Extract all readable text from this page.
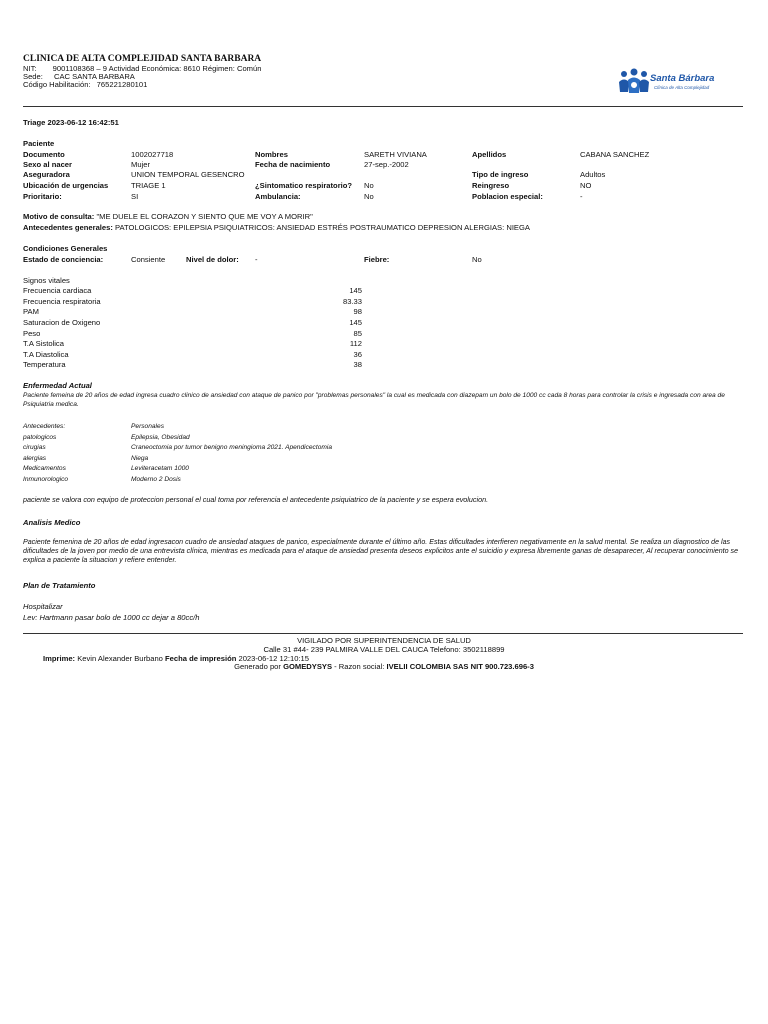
CLINICA DE ALTA COMPLEJIDAD SANTA BARBARA
NIT: 9001108368 – 9 Actividad Económica: 8610 Régimen: Común
Sede: CAC SANTA BARBARA
Código Habilitación: 765221280101
Santa Bárbara
Clínica de Alta Complejidad
Triage 2023-06-12 16:42:51
Paciente
Documento	1002027718	Nombres	SARETH VIVIANA	Apellidos	CABANA SANCHEZ
Sexo al nacer	Mujer	Fecha de nacimiento	27-sep.-2002
Aseguradora	UNION TEMPORAL GESENCRO	Tipo de ingreso	Adultos
Ubicación de urgencias	TRIAGE 1	¿Sintomatico respiratorio? No	Reingreso	NO
Prioritario:	SI	Ambulancia:	No	Poblacion especial:	-
Motivo de consulta: "ME DUELE EL CORAZON Y SIENTO QUE ME VOY A MORIR"
Antecedentes generales: PATOLOGICOS: EPILEPSIA PSIQUIATRICOS: ANSIEDAD ESTRÉS POSTRAUMATICO DEPRESION ALERGIAS: NIEGA
Condiciones Generales
Estado de conciencia:	Consiente	Nivel de dolor: -	Fiebre:	No
Signos vitales
Frecuencia cardiaca	145
Frecuencia respiratoria	83.33
PAM	98
Saturacion de Oxigeno	145
Peso	85
T.A Sistolica	112
T.A Diastolica	36
Temperatura	38
Enfermedad Actual
Paciente femeina de 20 años de edad ingresa cuadro clinico de ansiedad con ataque de panico por "problemas personales" la cual es medicada con diazepam un bolo de 1000 cc cada 8 horas para controlar la crisis e ingresada con area de Psiquiatria medica.
Antecedentes:	Personales
patologicos	Epilepsia, Obesidad
cirugias	Craneoctomia por tumor benigno meningioma 2021. Apendicectomia
alergias	Niega
Medicamentos	Leviteracetam 1000
Inmunorologico	Moderno 2 Dosis
paciente se valora con equipo de proteccion personal el cual toma por referencia el antecedente psiquiatrico de la paciente y se espera evolucion.
Analisis Medico
Paciente femenina de 20 años de edad ingresacon cuadro de ansiedad ataques de panico, especialmente durante el último año. Estas dificultades interfieren negativamente en la salud mental. Se realiza un diagnostico de las dificultades de la joven por medio de una entrevista clínica, mientras es medicada para el ataque de ansiedad presenta deseos explicitos ante el suicidio y expresa libremente ganas de desaparecer, Al recuperar conocimiento se explica a paciente la situacion y refiere entender.
Plan de Tratamiento
Hospitalizar
Lev: Hartmann pasar bolo de 1000 cc dejar a 80cc/h
VIGILADO POR SUPERINTENDENCIA DE SALUD
Calle 31 #44- 239 PALMIRA VALLE DEL CAUCA Telefono: 3502118899
Imprime: Kevin Alexander Burbano Fecha de impresión 2023-06-12 12:10:15
Generado por GOMEDYSYS - Razon social: IVELII COLOMBIA SAS NIT 900.723.696-3
